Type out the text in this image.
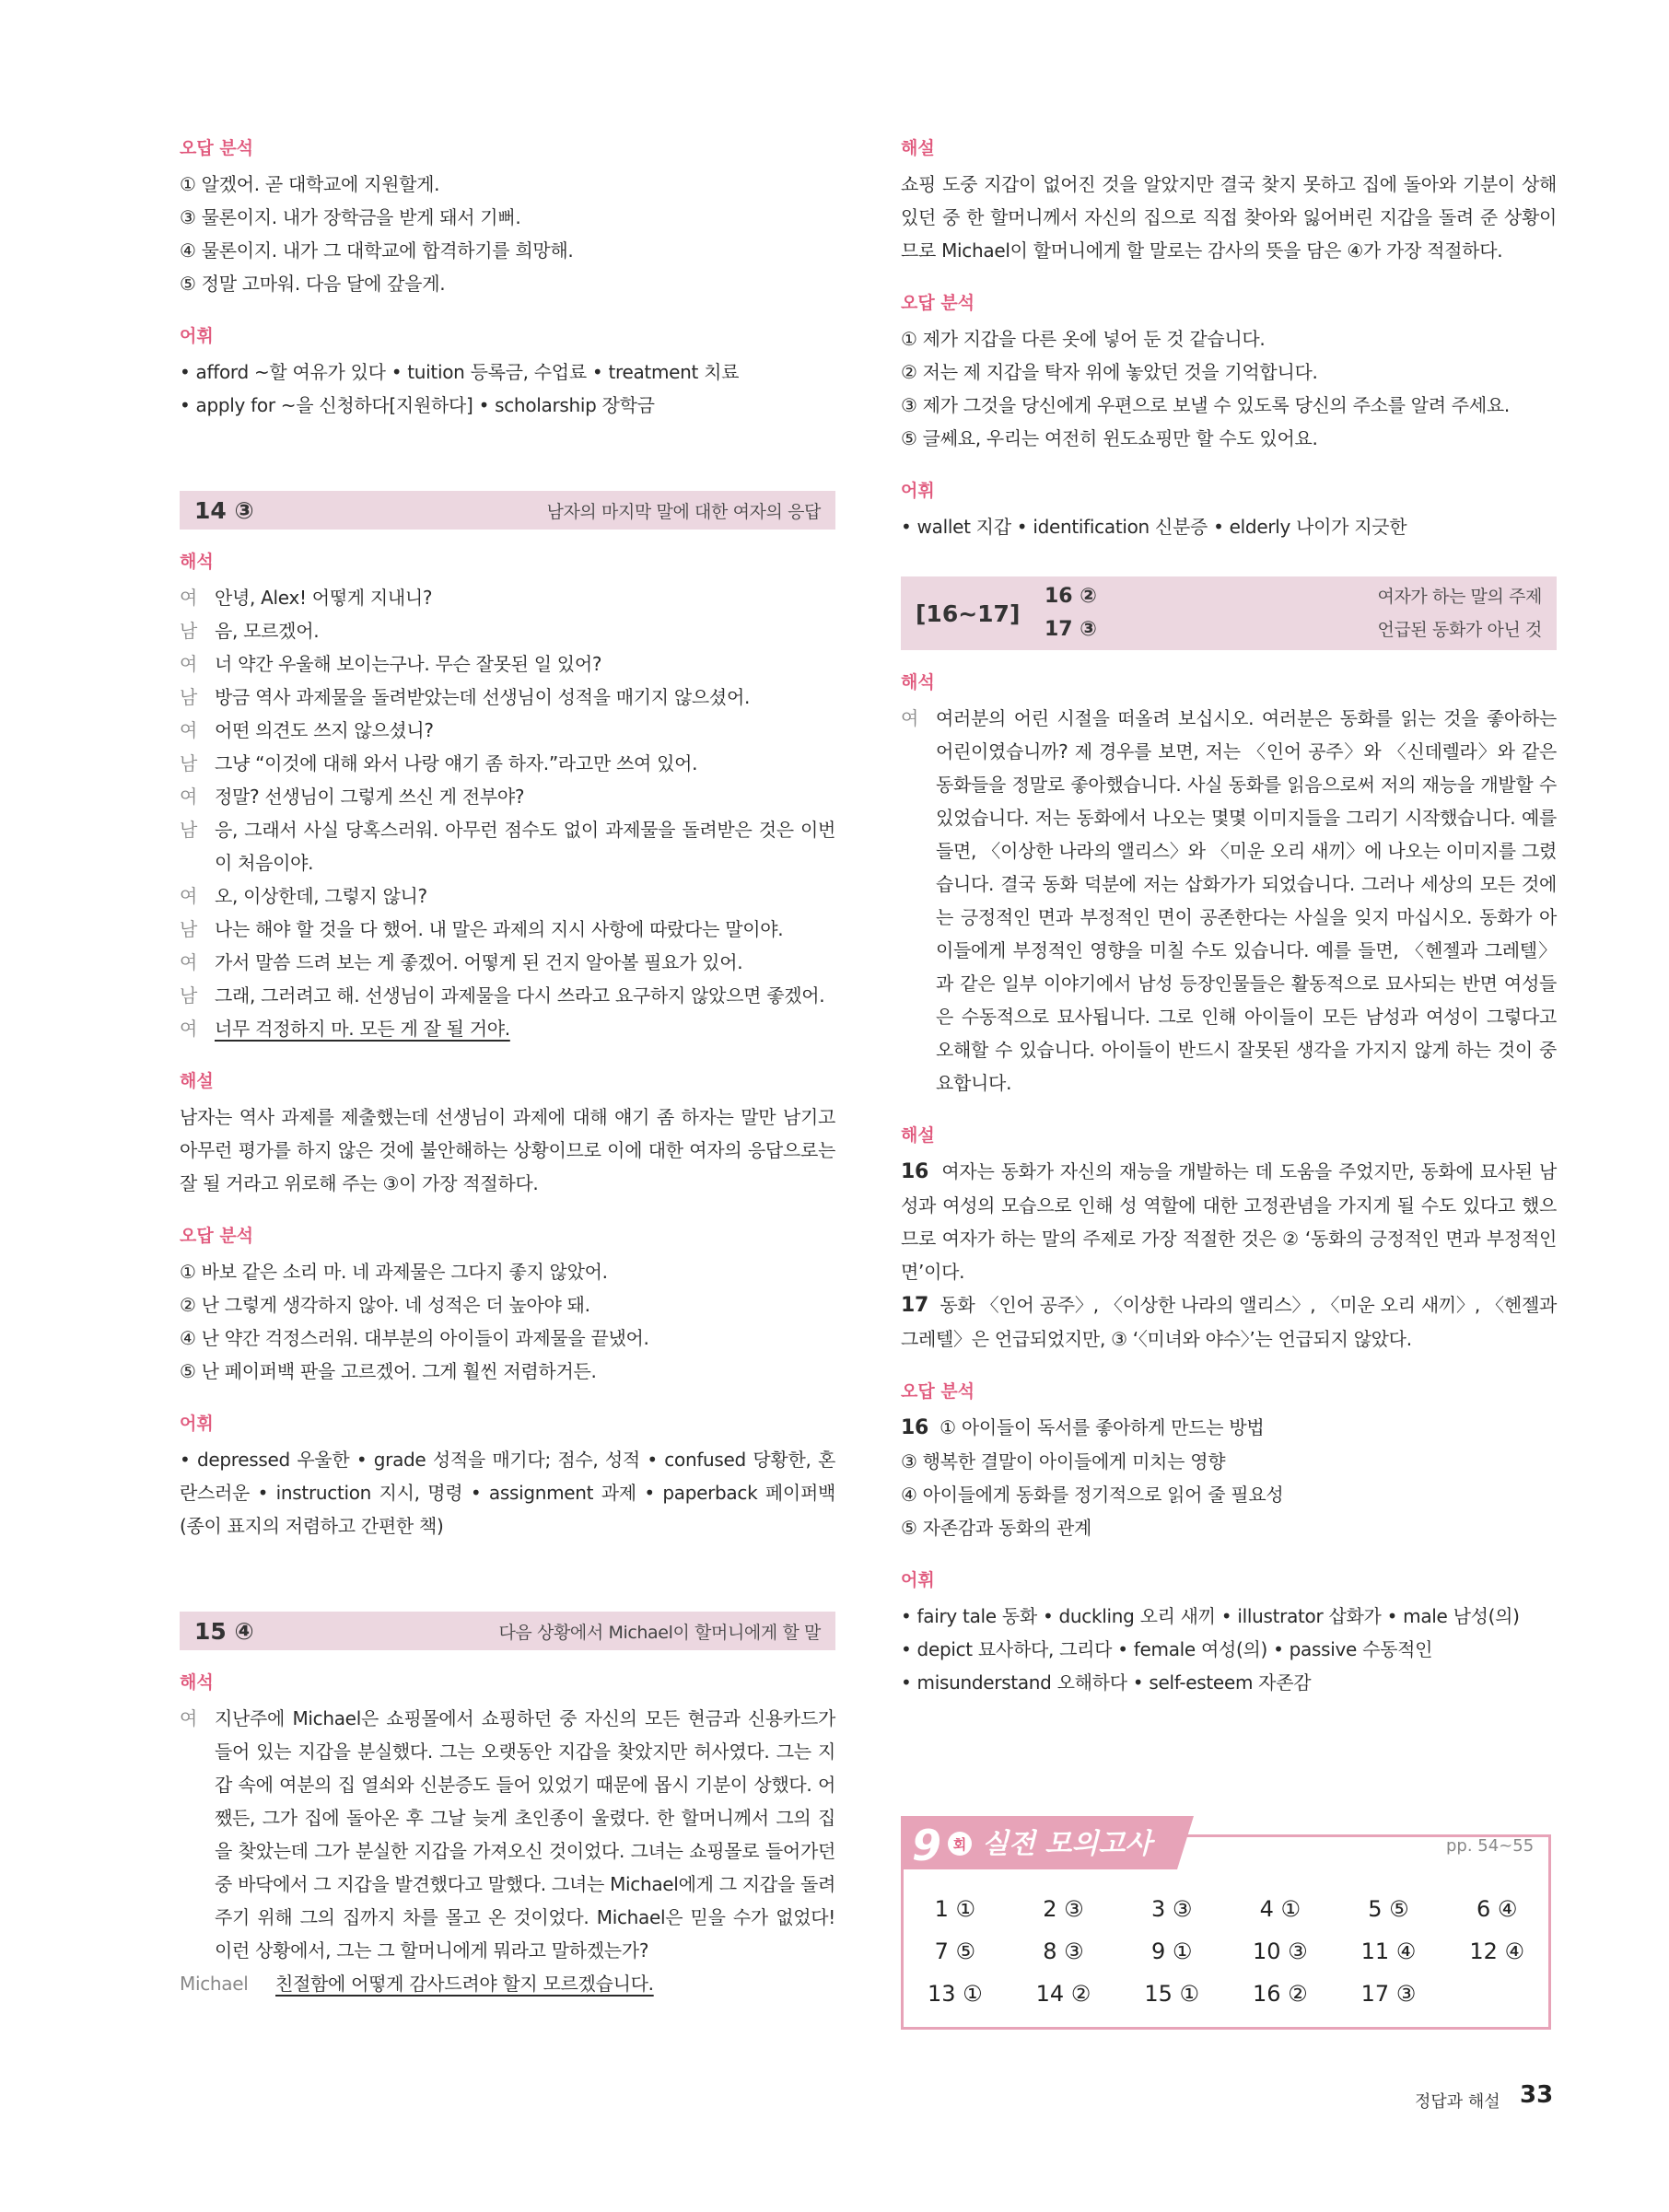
오답 분석

① 알겠어. 곧 대학교에 지원할게.

③ 물론이지. 내가 장학금을 받게 돼서 기뻐.

④ 물론이지. 내가 그 대학교에 합격하기를 희망해.

⑤ 정말 고마워. 다음 달에 갚을게.

어휘

• afford ~할 여유가 있다 • tuition 등록금, 수업료 • treatment 치료

• apply for ~을 신청하다[지원하다] • scholarship 장학금

14 ③	남자의 마지막 말에 대한 여자의 응답
해석
여 안녕, Alex! 어떻게 지내니?
남 음, 모르겠어.
여 너 약간 우울해 보이는구나. 무슨 잘못된 일 있어?
남 방금 역사 과제물을 돌려받았는데 선생님이 성적을 매기지 않으셨어.
여 어떤 의견도 쓰지 않으셨니?
남 그냥 “이것에 대해 와서 나랑 얘기 좀 하자.”라고만 쓰여 있어.
여 정말? 선생님이 그렇게 쓰신 게 전부야?
남 응, 그래서 사실 당혹스러워. 아무런 점수도 없이 과제물을 돌려받은 것은 이번이 처음이야.
여 오, 이상한데, 그렇지 않니?
남 나는 해야 할 것을 다 했어. 내 말은 과제의 지시 사항에 따랐다는 말이야.
여 가서 말씀 드려 보는 게 좋겠어. 어떻게 된 건지 알아볼 필요가 있어.
남 그래, 그러려고 해. 선생님이 과제물을 다시 쓰라고 요구하지 않았으면 좋겠어.
여 너무 걱정하지 마. 모든 게 잘 될 거야.
해설

남자는 역사 과제를 제출했는데 선생님이 과제에 대해 얘기 좀 하자는 말만 남기고 아무런 평가를 하지 않은 것에 불안해하는 상황이므로 이에 대한 여자의 응답으로는 잘 될 거라고 위로해 주는 ③이 가장 적절하다.

오답 분석

① 바보 같은 소리 마. 네 과제물은 그다지 좋지 않았어.

② 난 그렇게 생각하지 않아. 네 성적은 더 높아야 돼.

④ 난 약간 걱정스러워. 대부분의 아이들이 과제물을 끝냈어.

⑤ 난 페이퍼백 판을 고르겠어. 그게 훨씬 저렴하거든.

어휘

• depressed 우울한 • grade 성적을 매기다; 점수, 성적 • confused 당황한, 혼란스러운 • instruction 지시, 명령 • assignment 과제 • paperback 페이퍼백(종이 표지의 저렴하고 간편한 책)

15 ④	다음 상황에서 Michael이 할머니에게 할 말
해석
여 지난주에 Michael은 쇼핑몰에서 쇼핑하던 중 자신의 모든 현금과 신용카드가 들어 있는 지갑을 분실했다. 그는 오랫동안 지갑을 찾았지만 허사였다. 그는 지갑 속에 여분의 집 열쇠와 신분증도 들어 있었기 때문에 몹시 기분이 상했다. 어쨌든, 그가 집에 돌아온 후 그날 늦게 초인종이 울렸다. 한 할머니께서 그의 집을 찾았는데 그가 분실한 지갑을 가져오신 것이었다. 그녀는 쇼핑몰로 들어가던 중 바닥에서 그 지갑을 발견했다고 말했다. 그녀는 Michael에게 그 지갑을 돌려주기 위해 그의 집까지 차를 몰고 온 것이었다. Michael은 믿을 수가 없었다! 이런 상황에서, 그는 그 할머니에게 뭐라고 말하겠는가?
Michael	친절함에 어떻게 감사드려야 할지 모르겠습니다.
해설

쇼핑 도중 지갑이 없어진 것을 알았지만 결국 찾지 못하고 집에 돌아와 기분이 상해 있던 중 한 할머니께서 자신의 집으로 직접 찾아와 잃어버린 지갑을 돌려 준 상황이므로 Michael이 할머니에게 할 말로는 감사의 뜻을 담은 ④가 가장 적절하다.

오답 분석

① 제가 지갑을 다른 옷에 넣어 둔 것 같습니다.

② 저는 제 지갑을 탁자 위에 놓았던 것을 기억합니다.

③ 제가 그것을 당신에게 우편으로 보낼 수 있도록 당신의 주소를 알려 주세요.

⑤ 글쎄요, 우리는 여전히 윈도쇼핑만 할 수도 있어요.

어휘

• wallet 지갑 • identification 신분증 • elderly 나이가 지긋한

[16~17]
16 ②	여자가 하는 말의 주제
17 ③	언급된 동화가 아닌 것
해석
여 여러분의 어린 시절을 떠올려 보십시오. 여러분은 동화를 읽는 것을 좋아하는 어린이였습니까? 제 경우를 보면, 저는 〈인어 공주〉와 〈신데렐라〉와 같은 동화들을 정말로 좋아했습니다. 사실 동화를 읽음으로써 저의 재능을 개발할 수 있었습니다. 저는 동화에서 나오는 몇몇 이미지들을 그리기 시작했습니다. 예를 들면, 〈이상한 나라의 앨리스〉와 〈미운 오리 새끼〉에 나오는 이미지를 그렸습니다. 결국 동화 덕분에 저는 삽화가가 되었습니다. 그러나 세상의 모든 것에는 긍정적인 면과 부정적인 면이 공존한다는 사실을 잊지 마십시오. 동화가 아이들에게 부정적인 영향을 미칠 수도 있습니다. 예를 들면, 〈헨젤과 그레텔〉과 같은 일부 이야기에서 남성 등장인물들은 활동적으로 묘사되는 반면 여성들은 수동적으로 묘사됩니다. 그로 인해 아이들이 모든 남성과 여성이 그렇다고 오해할 수 있습니다. 아이들이 반드시 잘못된 생각을 가지지 않게 하는 것이 중요합니다.
해설

16 여자는 동화가 자신의 재능을 개발하는 데 도움을 주었지만, 동화에 묘사된 남성과 여성의 모습으로 인해 성 역할에 대한 고정관념을 가지게 될 수도 있다고 했으므로 여자가 하는 말의 주제로 가장 적절한 것은 ② ‘동화의 긍정적인 면과 부정적인 면’이다.

17 동화 〈인어 공주〉, 〈이상한 나라의 앨리스〉, 〈미운 오리 새끼〉, 〈헨젤과 그레텔〉은 언급되었지만, ③ ‘〈미녀와 야수〉’는 언급되지 않았다.

오답 분석

16 ① 아이들이 독서를 좋아하게 만드는 방법

③ 행복한 결말이 아이들에게 미치는 영향

④ 아이들에게 동화를 정기적으로 읽어 줄 필요성

⑤ 자존감과 동화의 관계

어휘

• fairy tale 동화 • duckling 오리 새끼 • illustrator 삽화가 • male 남성(의)

• depict 묘사하다, 그리다 • female 여성(의) • passive 수동적인

• misunderstand 오해하다 • self-esteem 자존감

9 회 실전 모의고사	pp. 54~55
1 ①	2 ③	3 ③	4 ①	5 ⑤	6 ④
7 ⑤	8 ③	9 ①	10 ③	11 ④	12 ④
13 ①	14 ②	15 ①	16 ②	17 ③
정답과 해설 33
